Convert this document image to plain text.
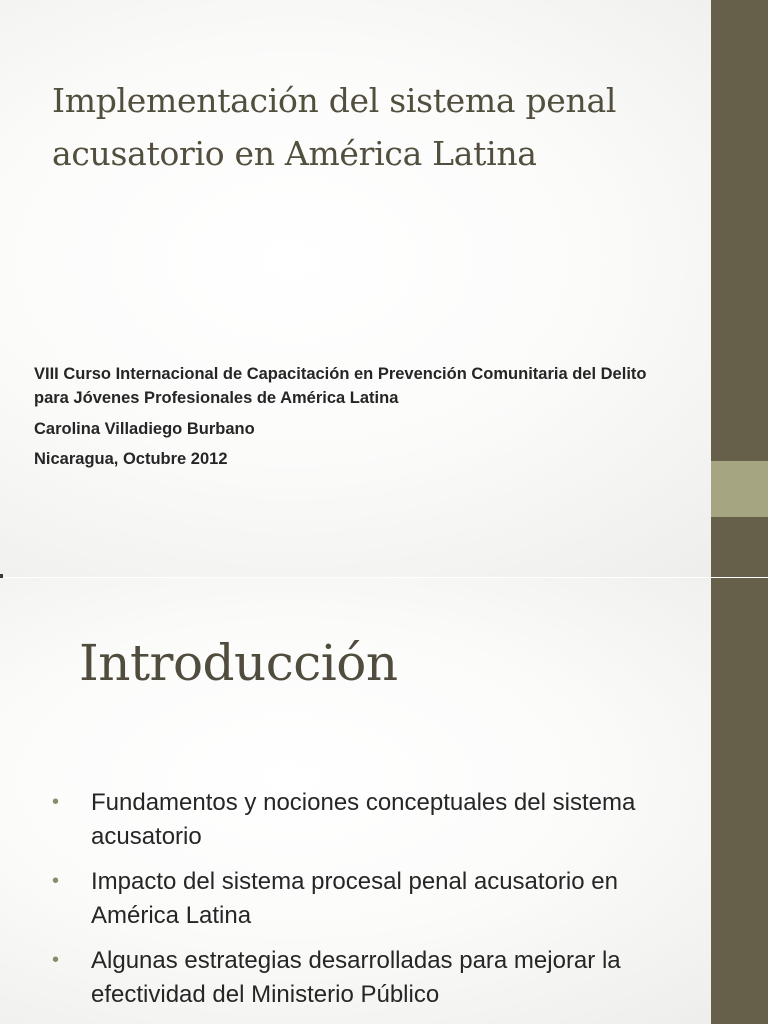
Implementación del sistema penal acusatorio en América Latina

VIII Curso Internacional de Capacitación en Prevención Comunitaria del Delito para Jóvenes Profesionales de América Latina

Carolina Villadiego Burbano

Nicaragua, Octubre 2012

Introducción
• Fundamentos y nociones conceptuales del sistema acusatorio
• Impacto del sistema procesal penal acusatorio en América Latina
• Algunas estrategias desarrolladas para mejorar la efectividad del Ministerio Público
